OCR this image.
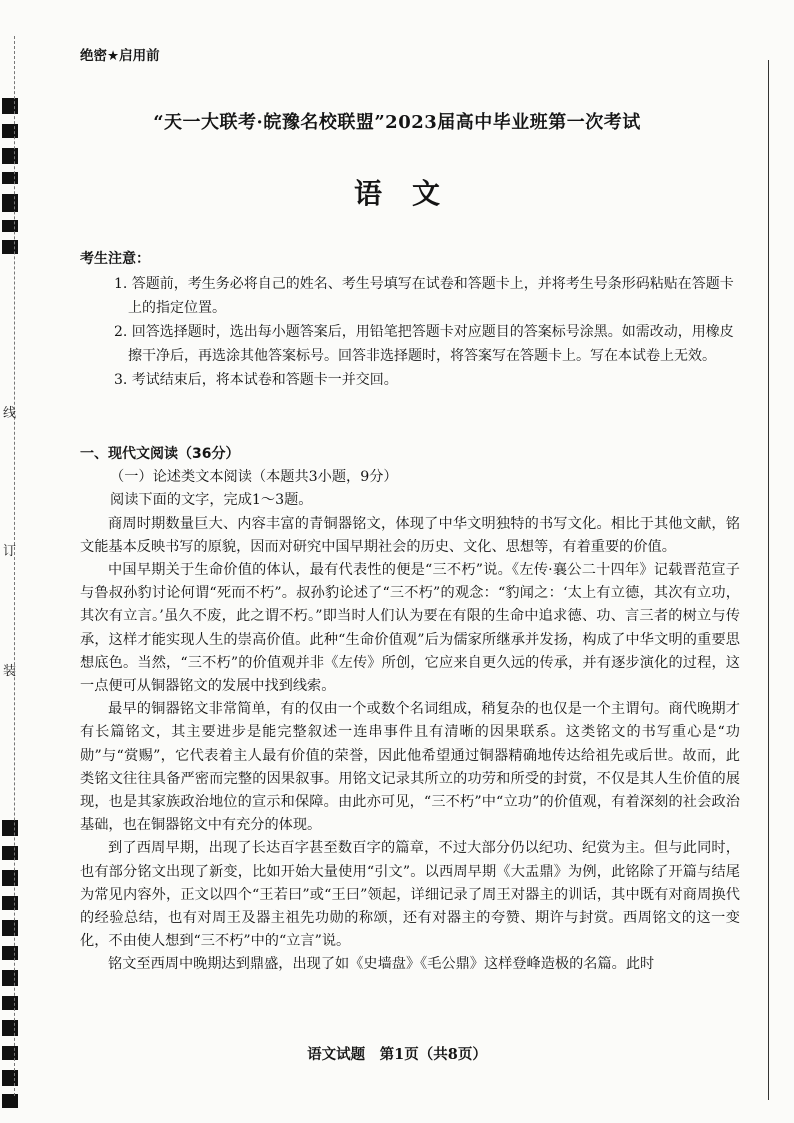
线
订
装
绝密★启用前
“天一大联考·皖豫名校联盟”2023届高中毕业班第一次考试
语文
考生注意：

1. 答题前，考生务必将自己的姓名、考生号填写在试卷和答题卡上，并将考生号条形码粘贴在答题卡上的指定位置。

2. 回答选择题时，选出每小题答案后，用铅笔把答题卡对应题目的答案标号涂黑。如需改动，用橡皮擦干净后，再选涂其他答案标号。回答非选择题时，将答案写在答题卡上。写在本试卷上无效。

3. 考试结束后，将本试卷和答题卡一并交回。

一、现代文阅读（36分）
（一）论述类文本阅读（本题共3小题，9分）
阅读下面的文字，完成1～3题。

商周时期数量巨大、内容丰富的青铜器铭文，体现了中华文明独特的书写文化。相比于其他文献，铭文能基本反映书写的原貌，因而对研究中国早期社会的历史、文化、思想等，有着重要的价值。

中国早期关于生命价值的体认，最有代表性的便是“三不朽”说。《左传·襄公二十四年》记载晋范宣子与鲁叔孙豹讨论何谓“死而不朽”。叔孙豹论述了“三不朽”的观念：“豹闻之：‘太上有立德，其次有立功，其次有立言。’虽久不废，此之谓不朽。”即当时人们认为要在有限的生命中追求德、功、言三者的树立与传承，这样才能实现人生的崇高价值。此种“生命价值观”后为儒家所继承并发扬，构成了中华文明的重要思想底色。当然，“三不朽”的价值观并非《左传》所创，它应来自更久远的传承，并有逐步演化的过程，这一点便可从铜器铭文的发展中找到线索。

最早的铜器铭文非常简单，有的仅由一个或数个名词组成，稍复杂的也仅是一个主谓句。商代晚期才有长篇铭文，其主要进步是能完整叙述一连串事件且有清晰的因果联系。这类铭文的书写重心是“功勋”与“赏赐”，它代表着主人最有价值的荣誉，因此他希望通过铜器精确地传达给祖先或后世。故而，此类铭文往往具备严密而完整的因果叙事。用铭文记录其所立的功劳和所受的封赏，不仅是其人生价值的展现，也是其家族政治地位的宣示和保障。由此亦可见，“三不朽”中“立功”的价值观，有着深刻的社会政治基础，也在铜器铭文中有充分的体现。

到了西周早期，出现了长达百字甚至数百字的篇章，不过大部分仍以纪功、纪赏为主。但与此同时，也有部分铭文出现了新变，比如开始大量使用“引文”。以西周早期《大盂鼎》为例，此铭除了开篇与结尾为常见内容外，正文以四个“王若曰”或“王曰”领起，详细记录了周王对器主的训话，其中既有对商周换代的经验总结，也有对周王及器主祖先功勋的称颂，还有对器主的夸赞、期许与封赏。西周铭文的这一变化，不由使人想到“三不朽”中的“立言”说。

铭文至西周中晚期达到鼎盛，出现了如《史墙盘》《毛公鼎》这样登峰造极的名篇。此时

语文试题　第1页（共8页）
